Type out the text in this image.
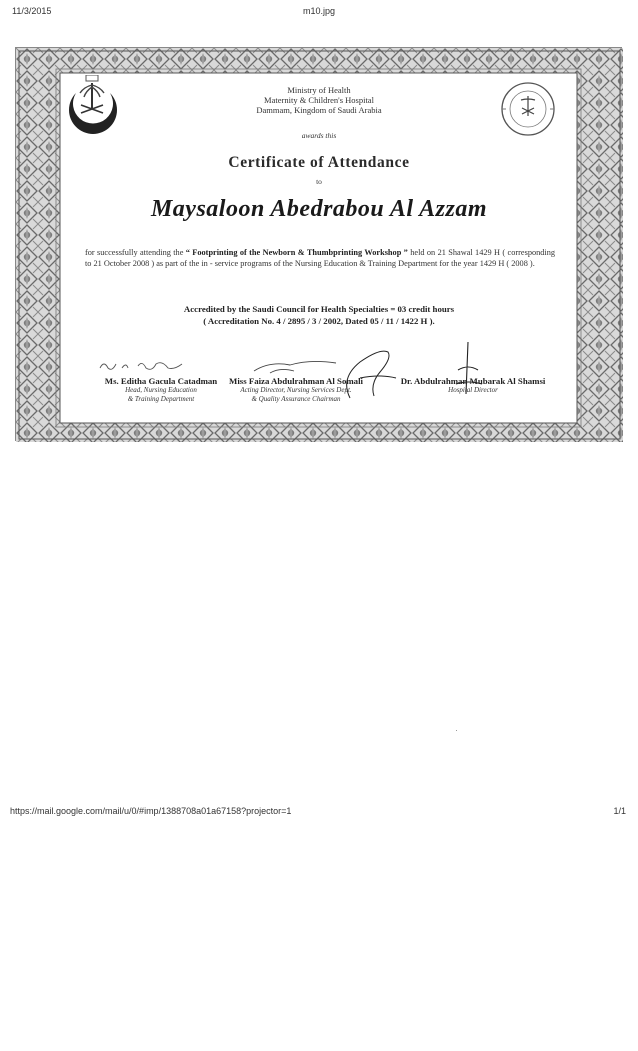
11/3/2015	m10.jpg
Ministry of Health
Maternity & Children's Hospital
Dammam, Kingdom of Saudi Arabia
awards this
Certificate of Attendance
to
Maysaloon Abedrabou Al Azzam
for successfully attending the “ Footprinting of the Newborn & Thumbprinting Workshop ” held on 21 Shawal 1429 H ( corresponding to 21 October 2008 ) as part of the in - service programs of the Nursing Education & Training Department for the year 1429 H ( 2008 ).
Accredited by the Saudi Council for Health Specialties = 03 credit hours
( Accreditation No. 4 / 2895 / 3 / 2002, Dated 05 / 11 / 1422 H ).
Ms. Editha Gacula Catadman
Head, Nursing Education
& Training Department
Miss Faiza Abdulrahman Al Somali
Acting Director, Nursing Services Dept.
& Quality Assurance Chairman
Dr. Abdulrahman Mubarak Al Shamsi
Hospital Director
https://mail.google.com/mail/u/0/#imp/1388708a01a67158?projector=1	1/1
